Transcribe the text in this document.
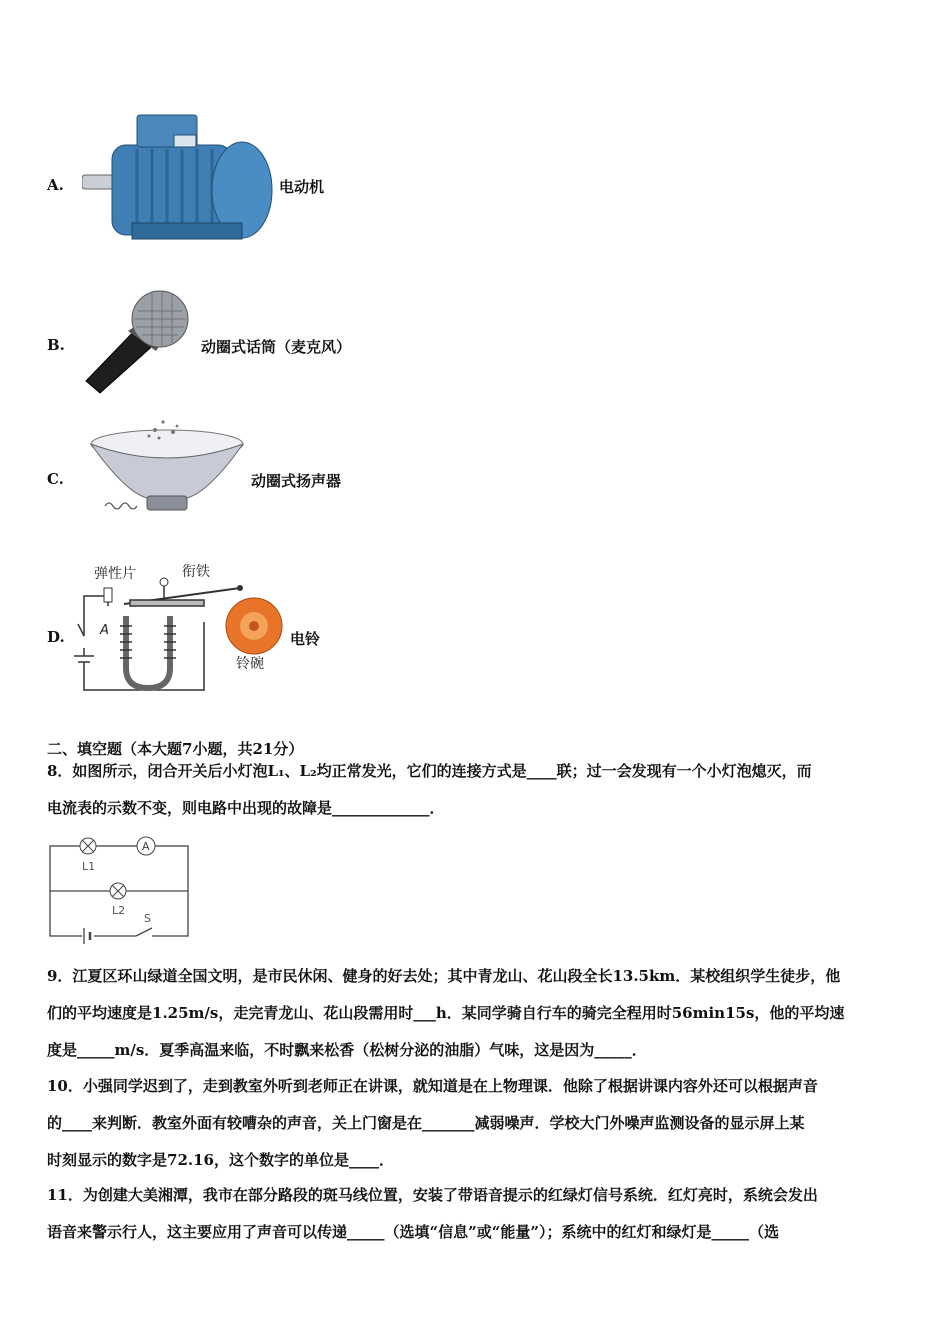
A.	电动机
B.	动圈式话筒（麦克风）
C.	动圈式扬声器
D.
弹性片	衔铁
A
铃碗
电铃
二、填空题（本大题7小题，共21分）
8．如图所示，闭合开关后小灯泡L₁、L₂均正常发光，它们的连接方式是____联；过一会发现有一个小灯泡熄灭，而
电流表的示数不变，则电路中出现的故障是_____________．
L1
A
L2
S
9．江夏区环山绿道全国文明，是市民休闲、健身的好去处；其中青龙山、花山段全长13.5km．某校组织学生徒步，他
们的平均速度是1.25m/s，走完青龙山、花山段需用时___h．某同学骑自行车的骑完全程用时56min15s，他的平均速
度是_____m/s．夏季高温来临，不时飘来松香（松树分泌的油脂）气味，这是因为_____．
10．小强同学迟到了，走到教室外听到老师正在讲课，就知道是在上物理课．他除了根据讲课内容外还可以根据声音
的____来判断．教室外面有较嘈杂的声音，关上门窗是在_______减弱噪声．学校大门外噪声监测设备的显示屏上某
时刻显示的数字是72.16，这个数字的单位是____．
11．为创建大美湘潭，我市在部分路段的斑马线位置，安装了带语音提示的红绿灯信号系统．红灯亮时，系统会发出
语音来警示行人，这主要应用了声音可以传递_____（选填“信息”或“能量”）；系统中的红灯和绿灯是_____（选
